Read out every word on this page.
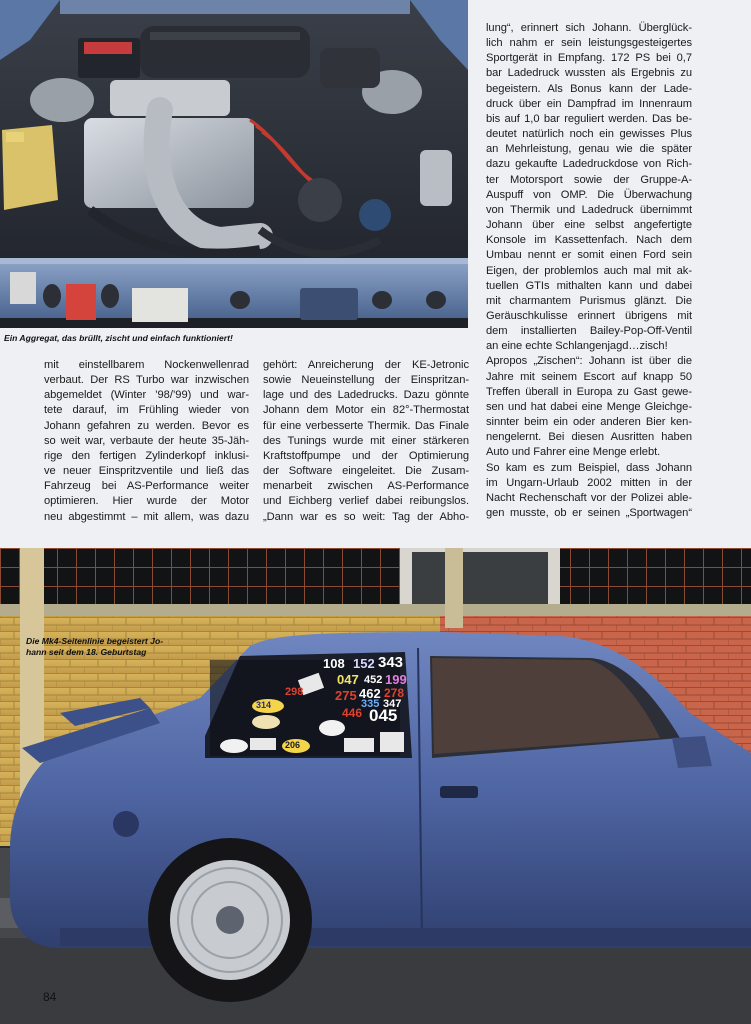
Ein Aggregat, das brüllt, zischt und einfach funktioniert!
mit einstellbarem Nockenwellenrad
verbaut. Der RS Turbo war inzwischen
abgemeldet (Winter ’98/’99) und war-
tete darauf, im Frühling wieder von
Johann gefahren zu werden. Bevor es
so weit war, verbaute der heute 35-Jäh-
rige den fertigen Zylinderkopf inklusi-
ve neuer Einspritzventile und ließ das
Fahrzeug bei AS-Performance weiter
optimieren. Hier wurde der Motor
neu abgestimmt – mit allem, was dazu
gehört: Anreicherung der KE-Jetronic
sowie Neueinstellung der Einspritzan-
lage und des Ladedrucks. Dazu gönnte
Johann dem Motor ein 82°-Thermostat
für eine verbesserte Thermik. Das Finale
des Tunings wurde mit einer stärkeren
Kraftstoffpumpe und der Optimierung
der Software eingeleitet. Die Zusam-
menarbeit zwischen AS-Performance
und Eichberg verlief dabei reibungslos.
„Dann war es so weit: Tag der Abho-
lung“, erinnert sich Johann. Überglück-
lich nahm er sein leistungsgesteigertes
Sportgerät in Empfang. 172 PS bei 0,7
bar Ladedruck wussten als Ergebnis zu
begeistern. Als Bonus kann der Lade-
druck über ein Dampfrad im Innenraum
bis auf 1,0 bar reguliert werden. Das be-
deutet natürlich noch ein gewisses Plus
an Mehrleistung, genau wie die später
dazu gekaufte Ladedruckdose von Rich-
ter Motorsport sowie der Gruppe-A-
Auspuff von OMP. Die Überwachung
von Thermik und Ladedruck übernimmt
Johann über eine selbst angefertigte
Konsole im Kassettenfach. Nach dem
Umbau nennt er somit einen Ford sein
Eigen, der problemlos auch mal mit ak-
tuellen GTIs mithalten kann und dabei
mit charmantem Purismus glänzt. Die
Geräuschkulisse erinnert übrigens mit
dem installierten Bailey-Pop-Off-Ventil
an eine echte Schlangenjagd…zisch!
Apropos „Zischen“: Johann ist über die
Jahre mit seinem Escort auf knapp 50
Treffen überall in Europa zu Gast gewe-
sen und hat dabei eine Menge Gleichge-
sinnter beim ein oder anderen Bier ken-
nengelernt. Bei diesen Ausritten haben
Auto und Fahrer eine Menge erlebt.
So kam es zum Beispiel, dass Johann
im Ungarn-Urlaub 2002 mitten in der
Nacht Rechenschaft vor der Polizei able-
gen musste, ob er seinen „Sportwagen“
108 152 343
047 452 199
298 275 462 278
335 347
314
446 045
206
Die Mk4-Seitenlinie begeistert Jo-
hann seit dem 18. Geburtstag
84
